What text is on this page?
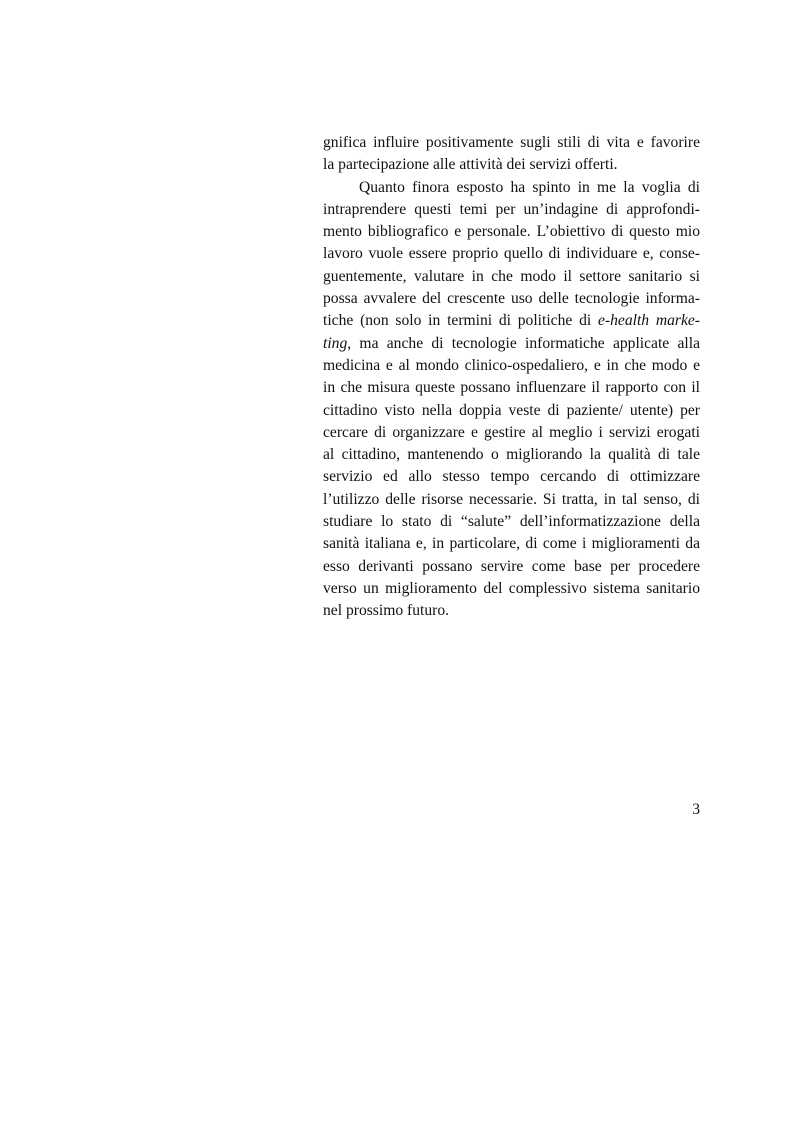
gnifica influire positivamente sugli stili di vita e favorire
la partecipazione alle attività dei servizi offerti.
Quanto finora esposto ha spinto in me la voglia di
intraprendere questi temi per un’indagine di approfondi-
mento bibliografico e personale. L’obiettivo di questo mio
lavoro vuole essere proprio quello di individuare e, conse-
guentemente, valutare in che modo il settore sanitario si
possa avvalere del crescente uso delle tecnologie informa-
tiche (non solo in termini di politiche di e-health marke-
ting, ma anche di tecnologie informatiche applicate alla
medicina e al mondo clinico-ospedaliero, e in che modo e
in che misura queste possano influenzare il rapporto con il
cittadino visto nella doppia veste di paziente/ utente) per
cercare di organizzare e gestire al meglio i servizi erogati
al cittadino, mantenendo o migliorando la qualità di tale
servizio ed allo stesso tempo cercando di ottimizzare
l’utilizzo delle risorse necessarie. Si tratta, in tal senso, di
studiare lo stato di “salute” dell’informatizzazione della
sanità italiana e, in particolare, di come i miglioramenti da
esso derivanti possano servire come base per procedere
verso un miglioramento del complessivo sistema sanitario
nel prossimo futuro.
3
